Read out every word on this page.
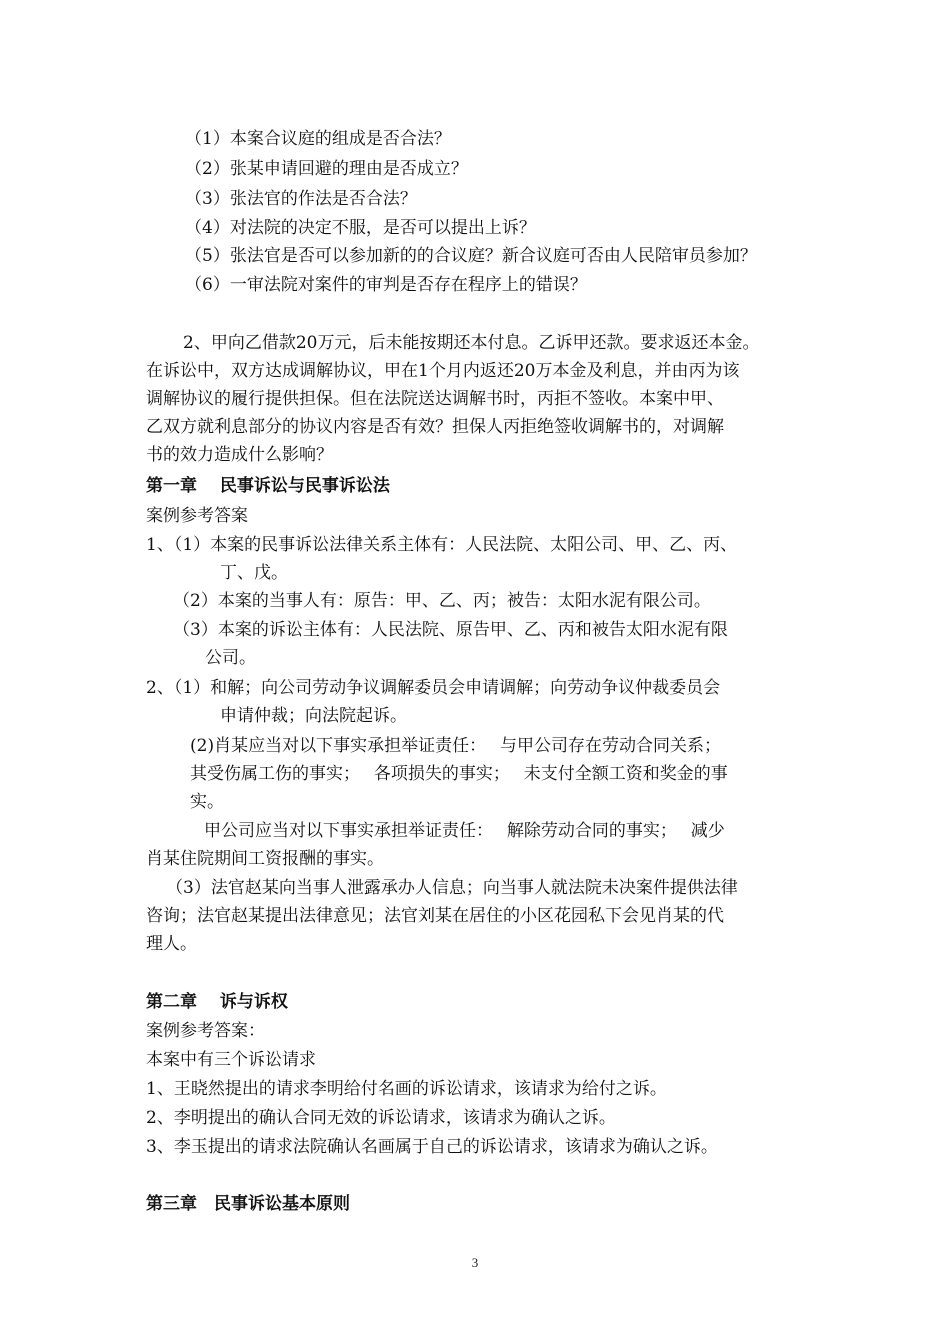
（1）本案合议庭的组成是否合法？
（2）张某申请回避的理由是否成立？
（3）张法官的作法是否合法？
（4）对法院的决定不服，是否可以提出上诉？
（5）张法官是否可以参加新的的合议庭？新合议庭可否由人民陪审员参加？
（6）一审法院对案件的审判是否存在程序上的错误？
2、甲向乙借款20万元，后未能按期还本付息。乙诉甲还款。要求返还本金。
在诉讼中，双方达成调解协议，甲在1个月内返还20万本金及利息，并由丙为该
调解协议的履行提供担保。但在法院送达调解书时，丙拒不签收。本案中甲、
乙双方就利息部分的协议内容是否有效？担保人丙拒绝签收调解书的，对调解
书的效力造成什么影响？
第一章　 民事诉讼与民事诉讼法
案例参考答案
1、（1）本案的民事诉讼法律关系主体有：人民法院、太阳公司、甲、乙、丙、
丁、戊。
（2）本案的当事人有：原告：甲、乙、丙；被告：太阳水泥有限公司。
（3）本案的诉讼主体有：人民法院、原告甲、乙、丙和被告太阳水泥有限
公司。
2、（1）和解；向公司劳动争议调解委员会申请调解；向劳动争议仲裁委员会
申请仲裁；向法院起诉。
(2)肖某应当对以下事实承担举证责任：　 与甲公司存在劳动合同关系；
其受伤属工伤的事实；　 各项损失的事实；　 未支付全额工资和奖金的事
实。
甲公司应当对以下事实承担举证责任：　 解除劳动合同的事实；　 减少
肖某住院期间工资报酬的事实。
（3）法官赵某向当事人泄露承办人信息；向当事人就法院未决案件提供法律
咨询；法官赵某提出法律意见；法官刘某在居住的小区花园私下会见肖某的代
理人。
第二章　 诉与诉权
案例参考答案：
本案中有三个诉讼请求
1、王晓然提出的请求李明给付名画的诉讼请求，该请求为给付之诉。
2、李明提出的确认合同无效的诉讼请求，该请求为确认之诉。
3、李玉提出的请求法院确认名画属于自己的诉讼请求，该请求为确认之诉。
第三章　民事诉讼基本原则
3
